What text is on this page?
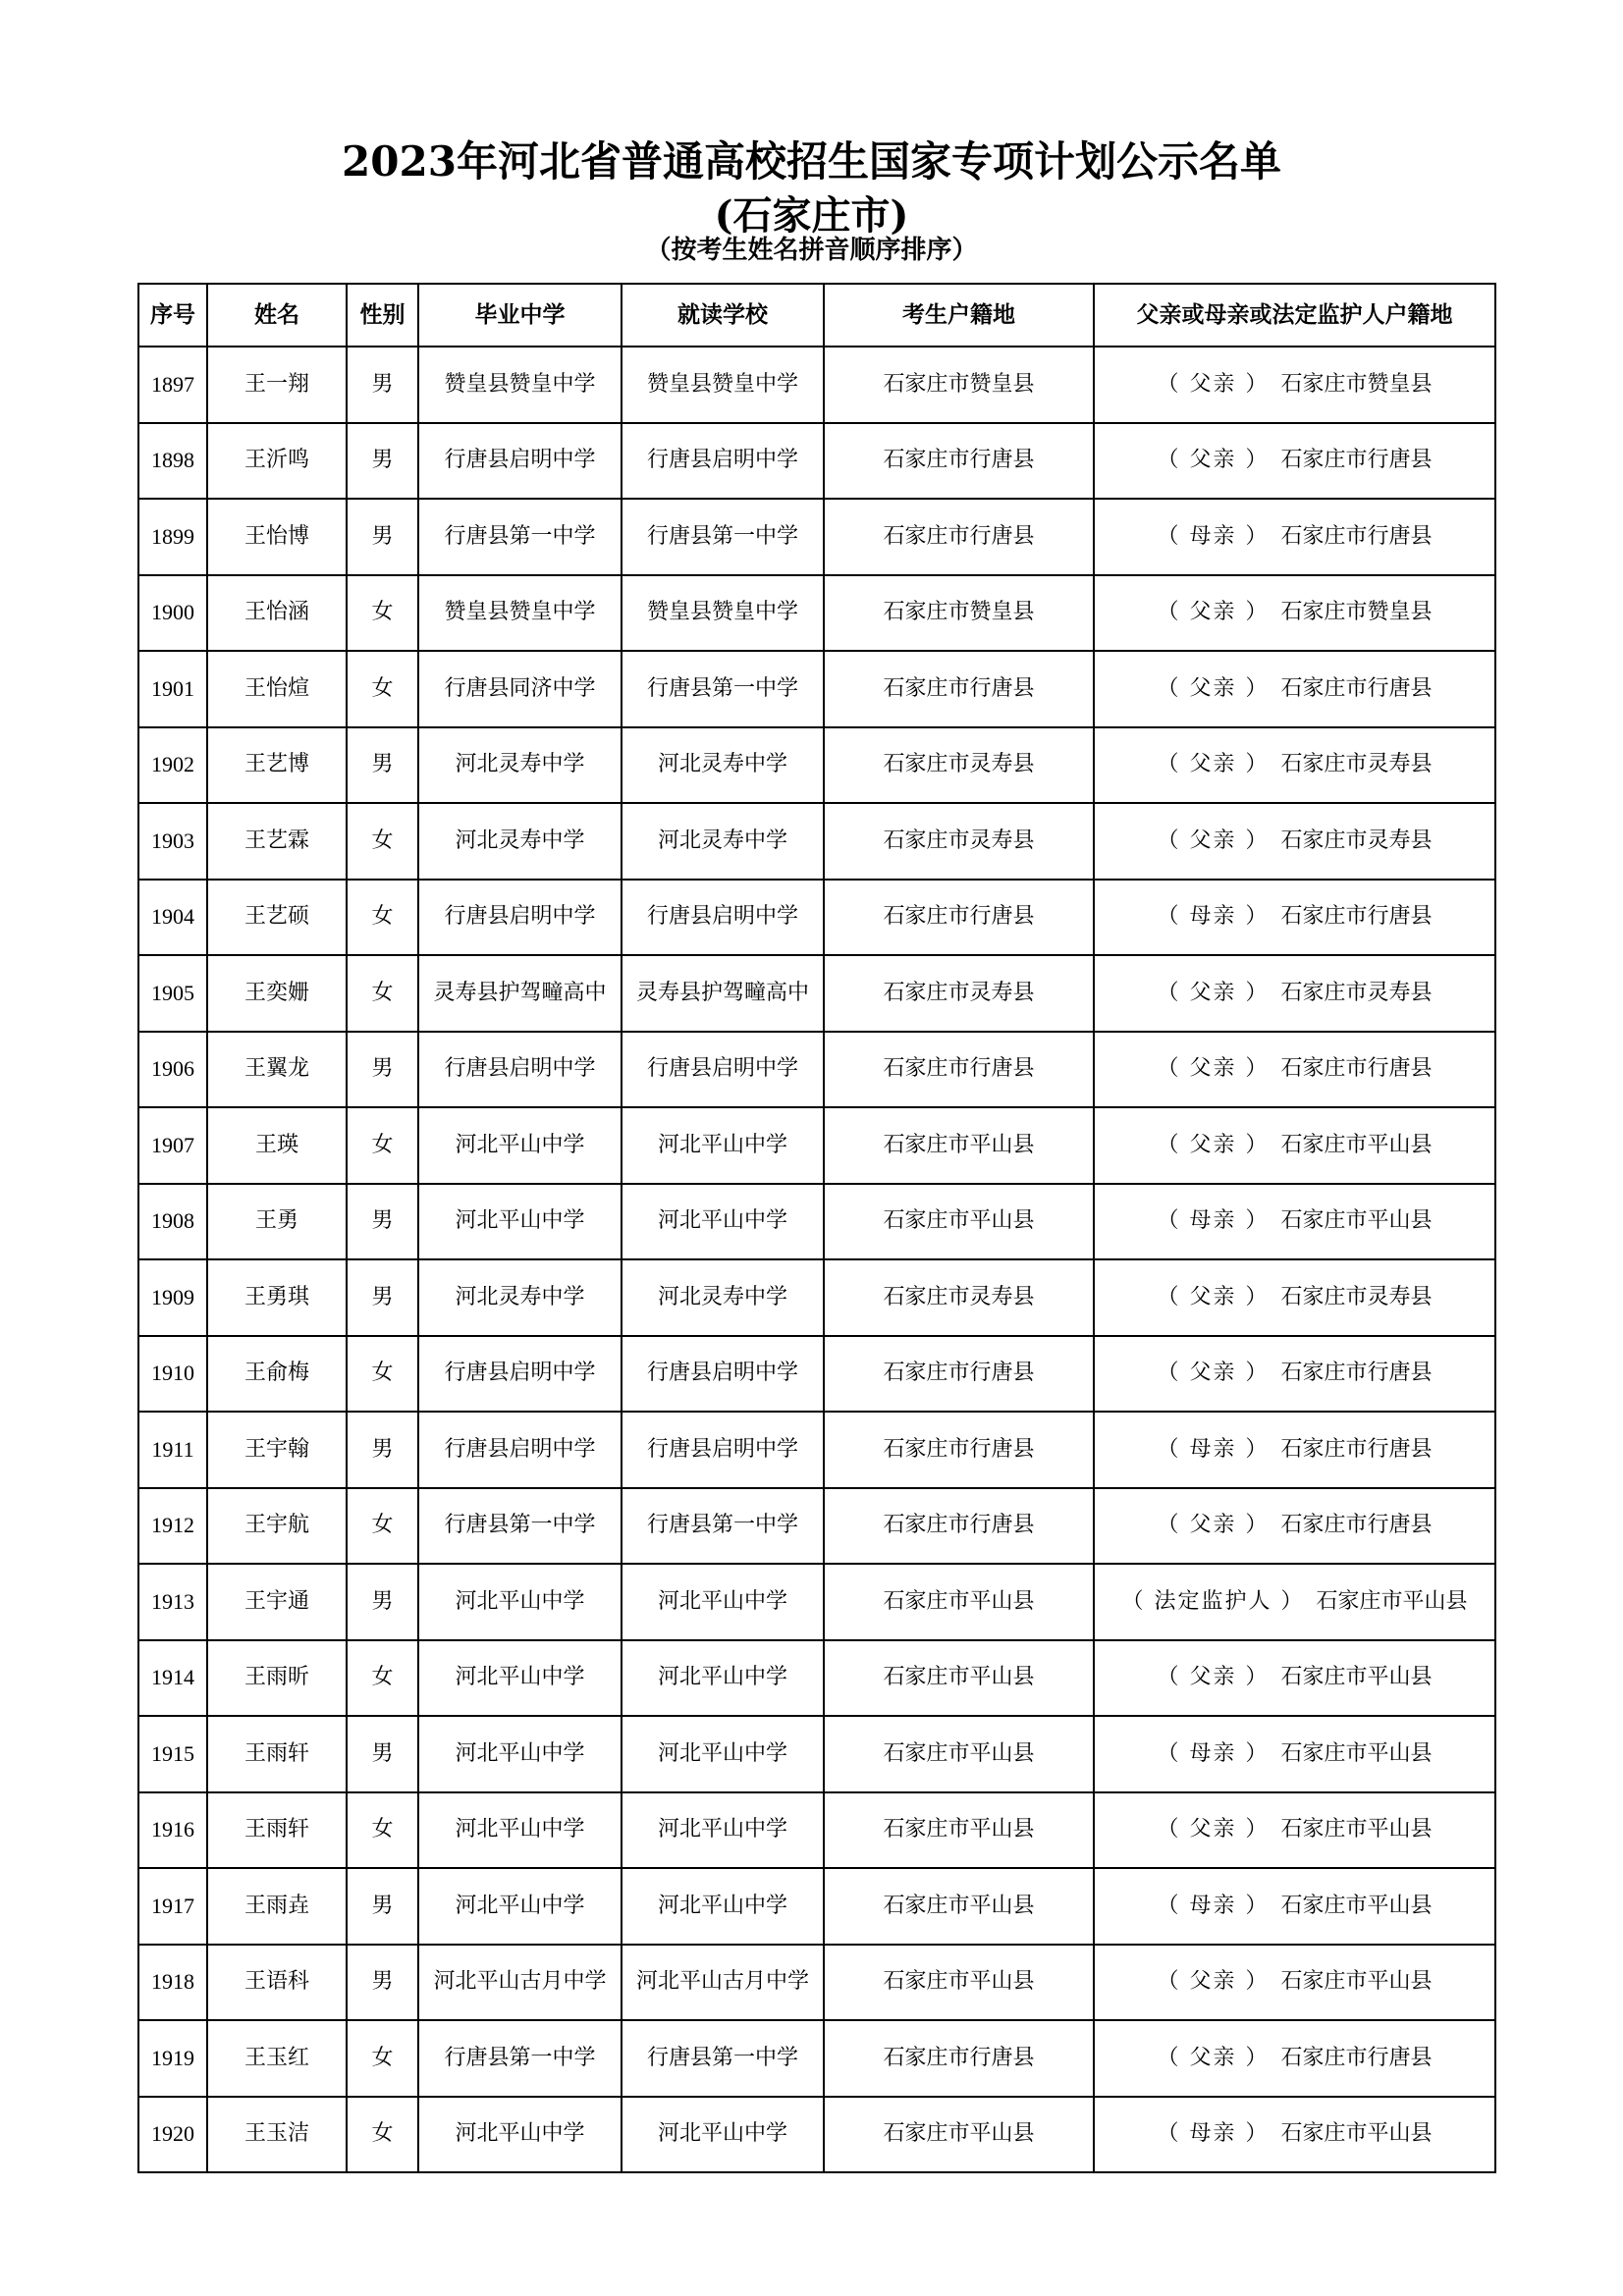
2023年河北省普通高校招生国家专项计划公示名单
(石家庄市)
（按考生姓名拼音顺序排序）
序号	姓名	性别	毕业中学	就读学校	考生户籍地	父亲或母亲或法定监护人户籍地
1897	王一翔	男	赞皇县赞皇中学	赞皇县赞皇中学	石家庄市赞皇县	（ 父亲 ） 石家庄市赞皇县
1898	王沂鸣	男	行唐县启明中学	行唐县启明中学	石家庄市行唐县	（ 父亲 ） 石家庄市行唐县
1899	王怡博	男	行唐县第一中学	行唐县第一中学	石家庄市行唐县	（ 母亲 ） 石家庄市行唐县
1900	王怡涵	女	赞皇县赞皇中学	赞皇县赞皇中学	石家庄市赞皇县	（ 父亲 ） 石家庄市赞皇县
1901	王怡煊	女	行唐县同济中学	行唐县第一中学	石家庄市行唐县	（ 父亲 ） 石家庄市行唐县
1902	王艺博	男	河北灵寿中学	河北灵寿中学	石家庄市灵寿县	（ 父亲 ） 石家庄市灵寿县
1903	王艺霖	女	河北灵寿中学	河北灵寿中学	石家庄市灵寿县	（ 父亲 ） 石家庄市灵寿县
1904	王艺硕	女	行唐县启明中学	行唐县启明中学	石家庄市行唐县	（ 母亲 ） 石家庄市行唐县
1905	王奕姗	女	灵寿县护驾疃高中	灵寿县护驾疃高中	石家庄市灵寿县	（ 父亲 ） 石家庄市灵寿县
1906	王翼龙	男	行唐县启明中学	行唐县启明中学	石家庄市行唐县	（ 父亲 ） 石家庄市行唐县
1907	王瑛	女	河北平山中学	河北平山中学	石家庄市平山县	（ 父亲 ） 石家庄市平山县
1908	王勇	男	河北平山中学	河北平山中学	石家庄市平山县	（ 母亲 ） 石家庄市平山县
1909	王勇琪	男	河北灵寿中学	河北灵寿中学	石家庄市灵寿县	（ 父亲 ） 石家庄市灵寿县
1910	王俞梅	女	行唐县启明中学	行唐县启明中学	石家庄市行唐县	（ 父亲 ） 石家庄市行唐县
1911	王宇翰	男	行唐县启明中学	行唐县启明中学	石家庄市行唐县	（ 母亲 ） 石家庄市行唐县
1912	王宇航	女	行唐县第一中学	行唐县第一中学	石家庄市行唐县	（ 父亲 ） 石家庄市行唐县
1913	王宇通	男	河北平山中学	河北平山中学	石家庄市平山县	（ 法定监护人 ） 石家庄市平山县
1914	王雨昕	女	河北平山中学	河北平山中学	石家庄市平山县	（ 父亲 ） 石家庄市平山县
1915	王雨轩	男	河北平山中学	河北平山中学	石家庄市平山县	（ 母亲 ） 石家庄市平山县
1916	王雨轩	女	河北平山中学	河北平山中学	石家庄市平山县	（ 父亲 ） 石家庄市平山县
1917	王雨垚	男	河北平山中学	河北平山中学	石家庄市平山县	（ 母亲 ） 石家庄市平山县
1918	王语科	男	河北平山古月中学	河北平山古月中学	石家庄市平山县	（ 父亲 ） 石家庄市平山县
1919	王玉红	女	行唐县第一中学	行唐县第一中学	石家庄市行唐县	（ 父亲 ） 石家庄市行唐县
1920	王玉洁	女	河北平山中学	河北平山中学	石家庄市平山县	（ 母亲 ） 石家庄市平山县
